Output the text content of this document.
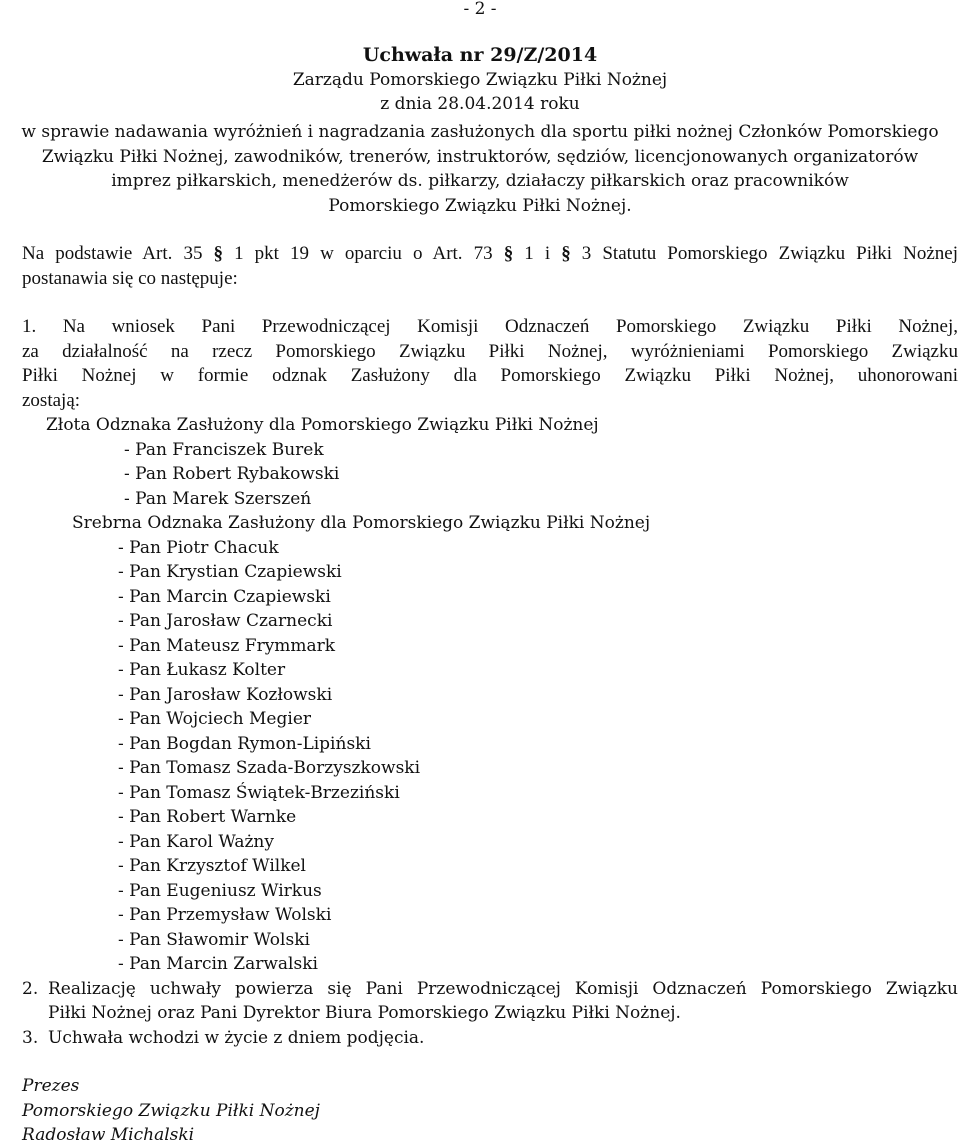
- 2 -
Uchwała nr 29/Z/2014
Zarządu Pomorskiego Związku Piłki Nożnej
z dnia 28.04.2014 roku
w sprawie nadawania wyróżnień i nagradzania zasłużonych dla sportu piłki nożnej Członków Pomorskiego
Związku Piłki Nożnej, zawodników, trenerów, instruktorów, sędziów, licencjonowanych organizatorów
imprez piłkarskich, menedżerów ds. piłkarzy, działaczy piłkarskich oraz pracowników
Pomorskiego Związku Piłki Nożnej.
Na podstawie Art. 35 § 1 pkt 19 w oparciu o Art. 73 § 1 i § 3 Statutu Pomorskiego Związku Piłki Nożnej
postanawia się co następuje:
1. Na wniosek Pani Przewodniczącej Komisji Odznaczeń Pomorskiego Związku Piłki Nożnej,
za działalność na rzecz Pomorskiego Związku Piłki Nożnej, wyróżnieniami Pomorskiego Związku
Piłki Nożnej w formie odznak Zasłużony dla Pomorskiego Związku Piłki Nożnej, uhonorowani
zostają:
Złota Odznaka Zasłużony dla Pomorskiego Związku Piłki Nożnej
- Pan Franciszek Burek
- Pan Robert Rybakowski
- Pan Marek Szerszeń
Srebrna Odznaka Zasłużony dla Pomorskiego Związku Piłki Nożnej
- Pan Piotr Chacuk
- Pan Krystian Czapiewski
- Pan Marcin Czapiewski
- Pan Jarosław Czarnecki
- Pan Mateusz Frymmark
- Pan Łukasz Kolter
- Pan Jarosław Kozłowski
- Pan Wojciech Megier
- Pan Bogdan Rymon-Lipiński
- Pan Tomasz Szada-Borzyszkowski
- Pan Tomasz Świątek-Brzeziński
- Pan Robert Warnke
- Pan Karol Ważny
- Pan Krzysztof Wilkel
- Pan Eugeniusz Wirkus
- Pan Przemysław Wolski
- Pan Sławomir Wolski
- Pan Marcin Zarwalski
2. Realizację uchwały powierza się Pani Przewodniczącej Komisji Odznaczeń Pomorskiego Związku
Piłki Nożnej oraz Pani Dyrektor Biura Pomorskiego Związku Piłki Nożnej.
3. Uchwała wchodzi w życie z dniem podjęcia.
Prezes
Pomorskiego Związku Piłki Nożnej
Radosław Michalski
